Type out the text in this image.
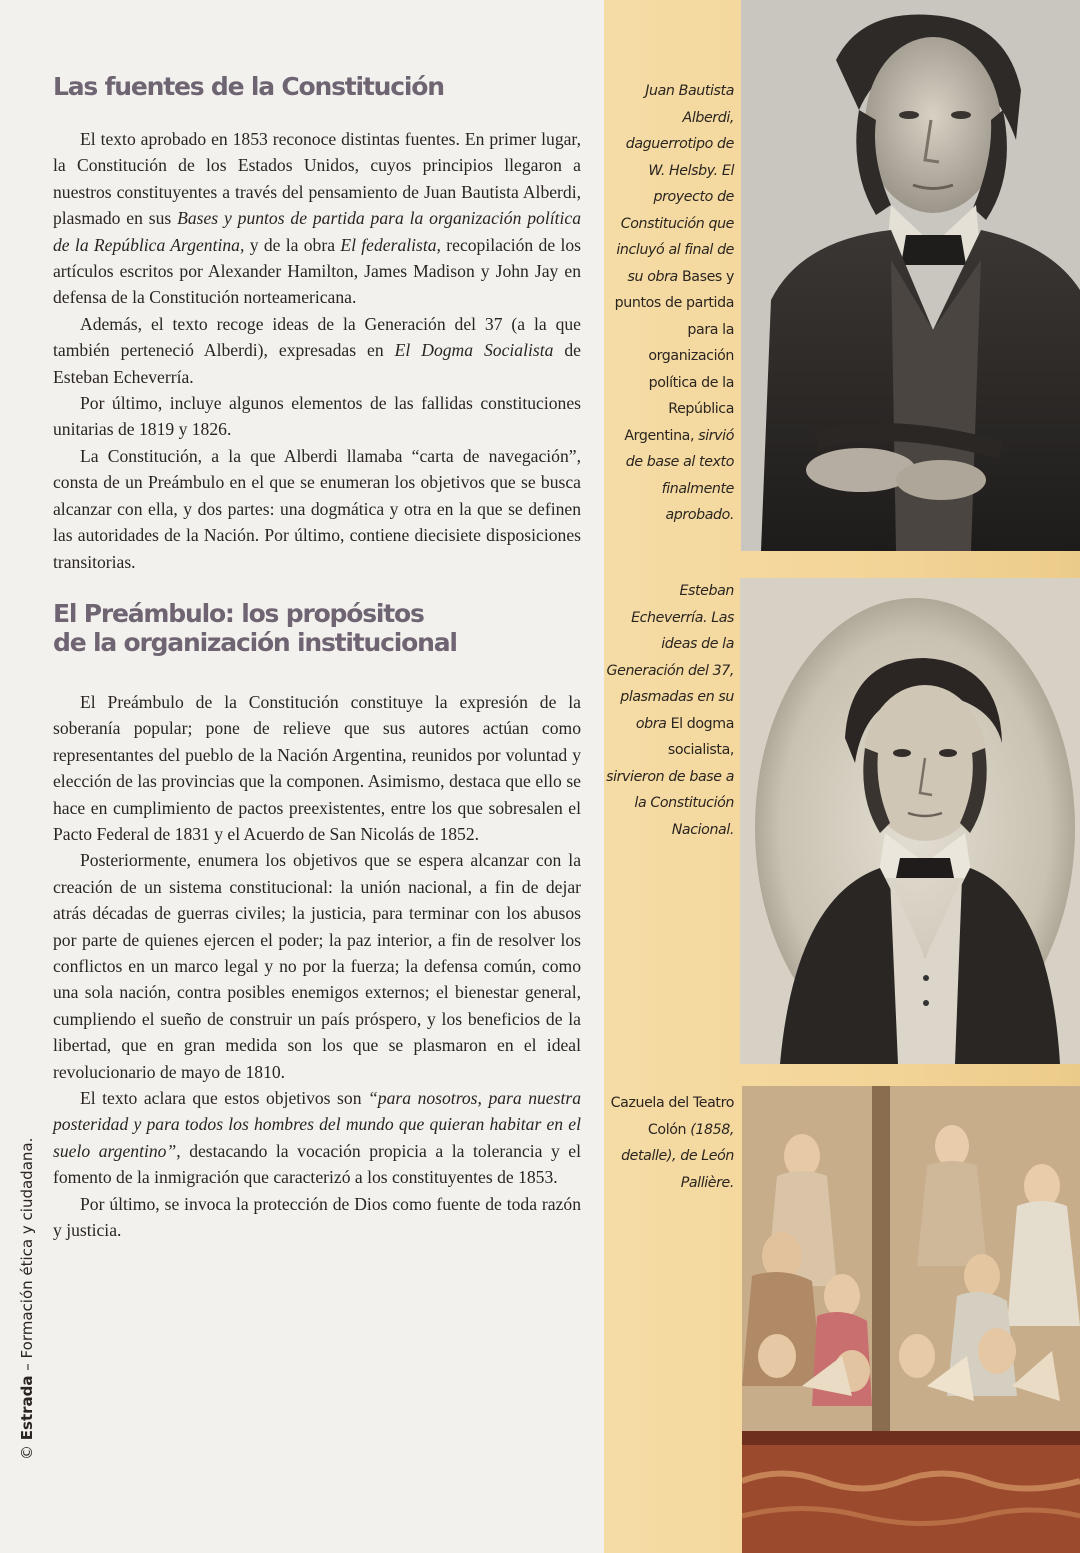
Las fuentes de la Constitución

El texto aprobado en 1853 reconoce distintas fuentes. En primer lugar, la Constitución de los Estados Unidos, cuyos principios llegaron a nuestros constituyentes a través del pensamiento de Juan Bautista Alberdi, plasmado en sus Bases y puntos de partida para la organización política de la República Argentina, y de la obra El federalista, recopilación de los artículos escritos por Alexander Hamilton, James Madison y John Jay en defensa de la Constitución norteamericana.

Además, el texto recoge ideas de la Generación del 37 (a la que también perteneció Alberdi), expresadas en El Dogma Socialista de Esteban Echeverría.

Por último, incluye algunos elementos de las fallidas constituciones unitarias de 1819 y 1826.

La Constitución, a la que Alberdi llamaba “carta de navegación”, consta de un Preámbulo en el que se enumeran los objetivos que se busca alcanzar con ella, y dos partes: una dogmática y otra en la que se definen las autoridades de la Nación. Por último, contiene diecisiete disposiciones transitorias.

El Preámbulo: los propósitos
de la organización institucional

El Preámbulo de la Constitución constituye la expresión de la soberanía popular; pone de relieve que sus autores actúan como representantes del pueblo de la Nación Argentina, reunidos por voluntad y elección de las provincias que la componen. Asimismo, destaca que ello se hace en cumplimiento de pactos preexistentes, entre los que sobresalen el Pacto Federal de 1831 y el Acuerdo de San Nicolás de 1852.

Posteriormente, enumera los objetivos que se espera alcanzar con la creación de un sistema constitucional: la unión nacional, a fin de dejar atrás décadas de guerras civiles; la justicia, para terminar con los abusos por parte de quienes ejercen el poder; la paz interior, a fin de resolver los conflictos en un marco legal y no por la fuerza; la defensa común, como una sola nación, contra posibles enemigos externos; el bienestar general, cumpliendo el sueño de construir un país próspero, y los beneficios de la libertad, que en gran medida son los que se plasmaron en el ideal revolucionario de mayo de 1810.

El texto aclara que estos objetivos son “para nosotros, para nuestra posteridad y para todos los hombres del mundo que quieran habitar en el suelo argentino”, destacando la vocación propicia a la tolerancia y el fomento de la inmigración que caracterizó a los constituyentes de 1853.

Por último, se invoca la protección de Dios como fuente de toda razón y justicia.

Juan Bautista Alberdi, daguerrotipo de W. Helsby. El proyecto de Constitución que incluyó al final de su obra Bases y puntos de partida para la organización política de la República Argentina, sirvió de base al texto finalmente aprobado.
Esteban Echeverría. Las ideas de la Generación del 37, plasmadas en su obra El dogma socialista, sirvieron de base a la Constitución Nacional.
Cazuela del Teatro Colón (1858, detalle), de León Pallière.
© Estrada – Formación ética y ciudadana.
